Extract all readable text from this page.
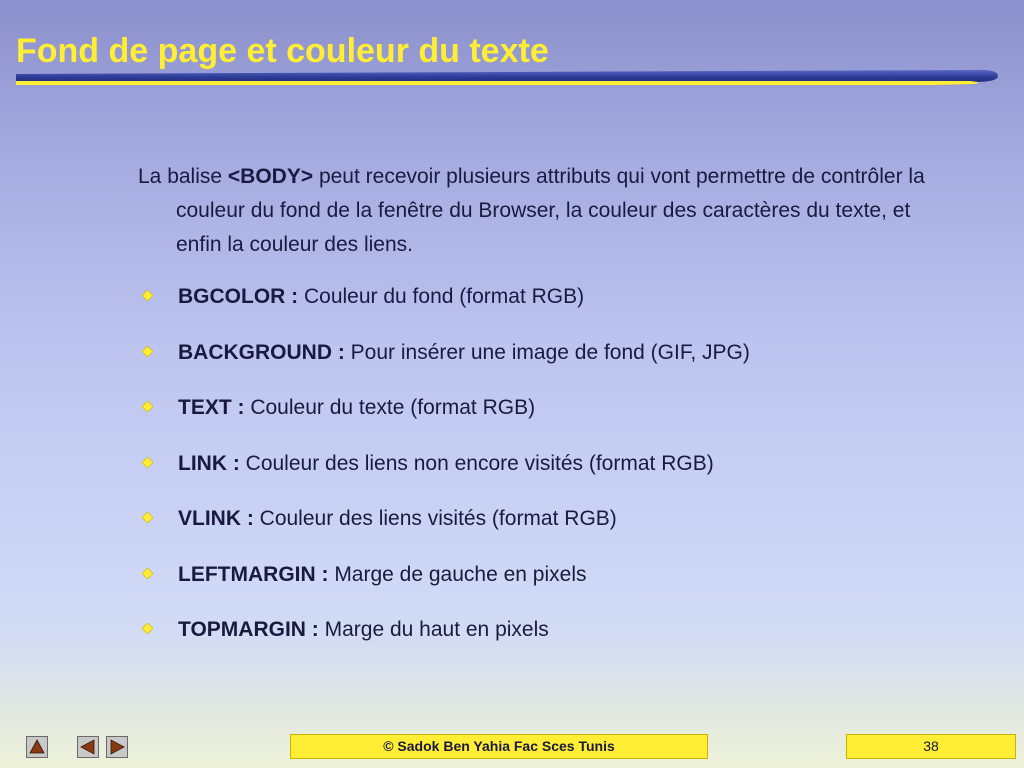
Fond de page et couleur du texte

La balise <BODY> peut recevoir plusieurs attributs qui vont permettre de contrôler la couleur du fond de la fenêtre du Browser, la couleur des caractères du texte, et enfin la couleur des liens.

BGCOLOR : Couleur du fond (format RGB)
BACKGROUND : Pour insérer une image de fond (GIF, JPG)
TEXT : Couleur du texte (format RGB)
LINK : Couleur des liens non encore visités (format RGB)
VLINK : Couleur des liens visités (format RGB)
LEFTMARGIN : Marge de gauche en pixels
TOPMARGIN : Marge du haut en pixels
© Sadok Ben Yahia Fac Sces Tunis	38
